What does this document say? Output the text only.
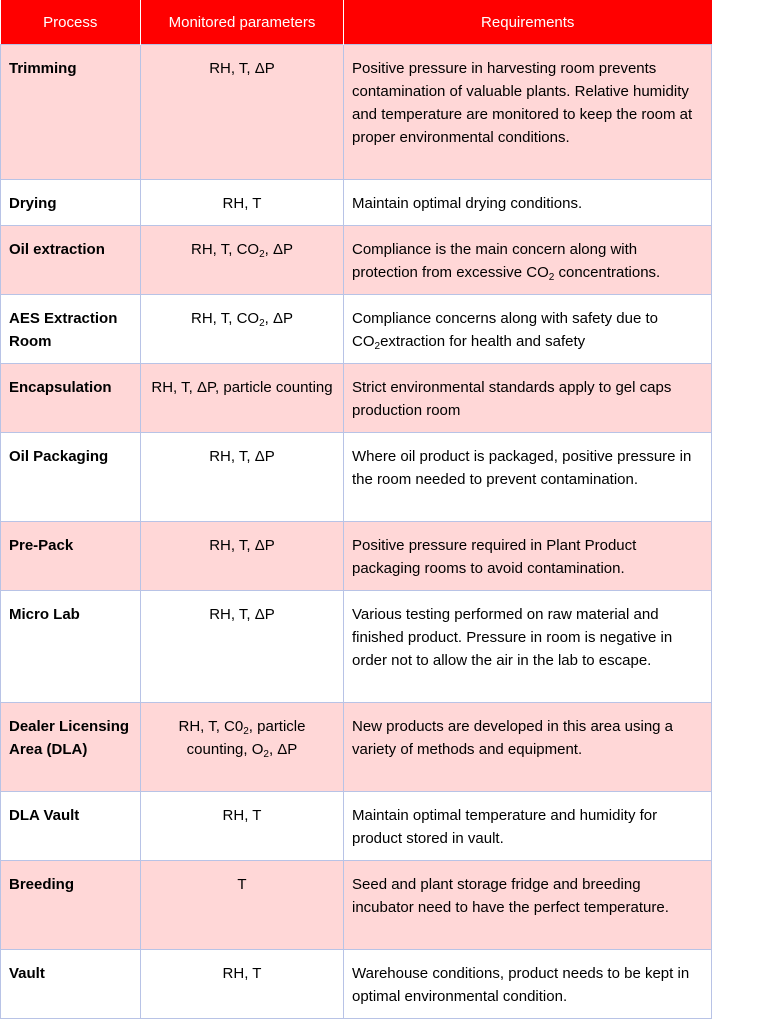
Process	Monitored parameters	Requirements
Trimming	RH, T, ΔP	Positive pressure in harvesting room prevents contamination of valuable plants. Relative humidity and temperature are monitored to keep the room at proper environmental conditions.
Drying	RH, T	Maintain optimal drying conditions.
Oil extraction	RH, T, $CO_2$, ΔP	Compliance is the main concern along with protection from excessive $CO_2$ concentrations.
AES Extraction Room	RH, T, $CO_2$, ΔP	Compliance concerns along with safety due to $CO_2extraction$ for health and safety
Encapsulation	RH, T, ΔP, particle counting	Strict environmental standards apply to gel caps production room
Oil Packaging	RH, T, ΔP	Where oil product is packaged, positive pressure in the room needed to prevent contamination.
Pre-Pack	RH, T, ΔP	Positive pressure required in Plant Product packaging rooms to avoid contamination.
Micro Lab	RH, T, ΔP	Various testing performed on raw material and finished product. Pressure in room is negative in order not to allow the air in the lab to escape.
Dealer Licensing Area (DLA)	RH, T, $C0_2$, particle counting, $O_2$, ΔP	New products are developed in this area using a variety of methods and equipment.
DLA Vault	RH, T	Maintain optimal temperature and humidity for product stored in vault.
Breeding	T	Seed and plant storage fridge and breeding incubator need to have the perfect temperature.
Vault	RH, T	Warehouse conditions, product needs to be kept in optimal environmental condition.
